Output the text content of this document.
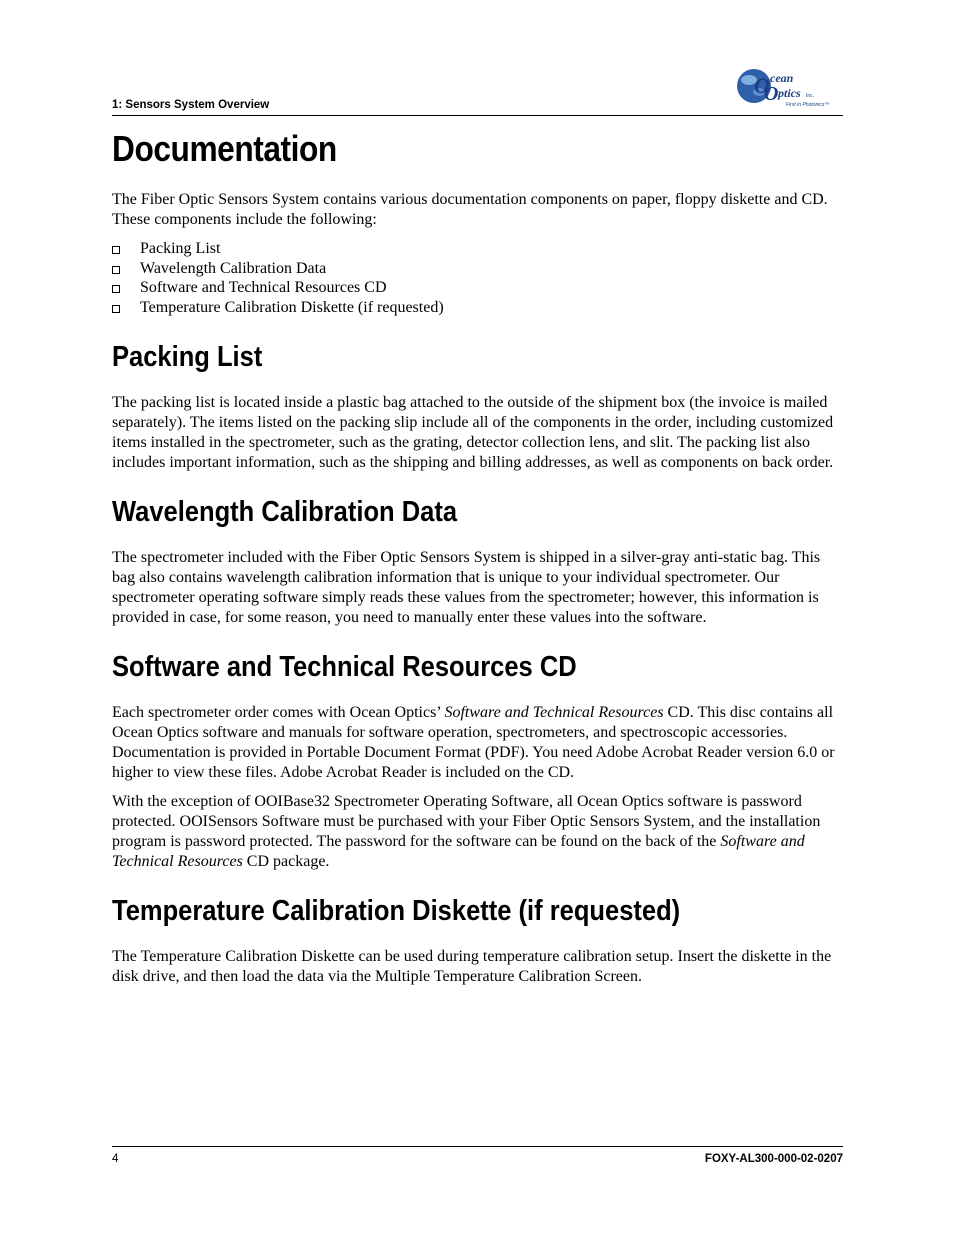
1: Sensors System Overview
O cean
O ptics Inc.
First in Photonics™
Documentation

The Fiber Optic Sensors System contains various documentation components on paper, floppy diskette and CD. These components include the following:

Packing List
Wavelength Calibration Data
Software and Technical Resources CD
Temperature Calibration Diskette (if requested)
Packing List

The packing list is located inside a plastic bag attached to the outside of the shipment box (the invoice is mailed separately). The items listed on the packing slip include all of the components in the order, including customized items installed in the spectrometer, such as the grating, detector collection lens, and slit. The packing list also includes important information, such as the shipping and billing addresses, as well as components on back order.

Wavelength Calibration Data

The spectrometer included with the Fiber Optic Sensors System is shipped in a silver-gray anti-static bag. This bag also contains wavelength calibration information that is unique to your individual spectrometer. Our spectrometer operating software simply reads these values from the spectrometer; however, this information is provided in case, for some reason, you need to manually enter these values into the software.

Software and Technical Resources CD

Each spectrometer order comes with Ocean Optics’ Software and Technical Resources CD. This disc contains all Ocean Optics software and manuals for software operation, spectrometers, and spectroscopic accessories. Documentation is provided in Portable Document Format (PDF). You need Adobe Acrobat Reader version 6.0 or higher to view these files. Adobe Acrobat Reader is included on the CD.

With the exception of OOIBase32 Spectrometer Operating Software, all Ocean Optics software is password protected. OOISensors Software must be purchased with your Fiber Optic Sensors System, and the installation program is password protected. The password for the software can be found on the back of the Software and Technical Resources CD package.

Temperature Calibration Diskette (if requested)

The Temperature Calibration Diskette can be used during temperature calibration setup. Insert the diskette in the disk drive, and then load the data via the Multiple Temperature Calibration Screen.

4	FOXY-AL300-000-02-0207
